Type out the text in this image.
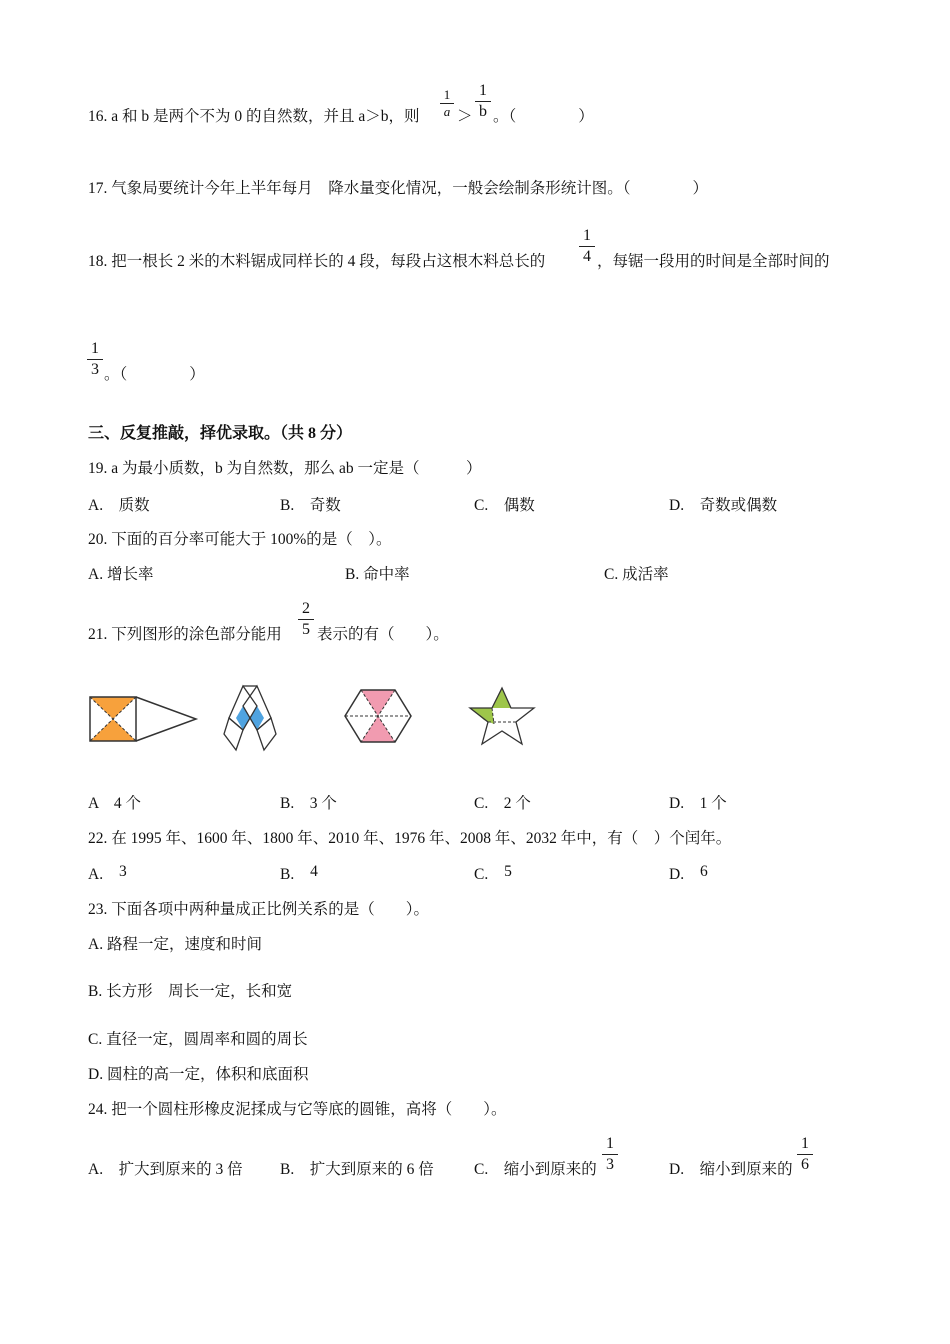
16. a 和 b 是两个不为 0 的自然数，并且 a＞b，则
1
a ＞
1
b 。（　　　　）
17. 气象局要统计今年上半年每月　降水量变化情况，一般会绘制条形统计图。（　　　　）
18. 把一根长 2 米的木料锯成同样长的 4 段，每段占这根木料总长的
1
4 ，每锯一段用的时间是全部时间的
1
3 。（　　　　）
三、反复推敲，择优录取。（共 8 分）
19. a 为最小质数，b 为自然数，那么 ab 一定是（　　　）
A.　质数	B.　奇数	C.　偶数	D.　奇数或偶数
20. 下面的百分率可能大于 100%的是（　）。
A. 增长率	B. 命中率	C. 成活率
21. 下列图形的涂色部分能用
2
5 表示的有（　　）。
A　4 个	B.　3 个	C.　2 个	D.　1 个
22. 在 1995 年、1600 年、1800 年、2010 年、1976 年、2008 年、2032 年中，有（　）个闰年。
A. 3	B. 4	C. 5	D. 6
23. 下面各项中两种量成正比例关系的是（　　）。
A. 路程一定，速度和时间
B. 长方形　周长一定，长和宽
C. 直径一定，圆周率和圆的周长
D. 圆柱的高一定，体积和底面积
24. 把一个圆柱形橡皮泥揉成与它等底的圆锥，高将（　　）。
A.　扩大到原来的 3 倍 B.　扩大到原来的 6 倍	C.　缩小到原来的
1
3	D.　缩小到原来的
1
6
